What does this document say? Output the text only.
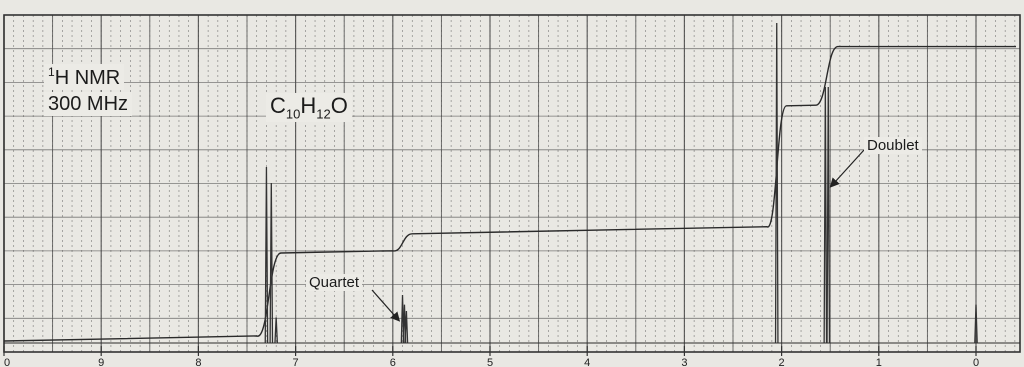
0	9	8	7	6	5	4	3	2	1	0
$^1$H NMR
300 MHz	$C_{10}H_{12}O$
Quartet
Doublet
